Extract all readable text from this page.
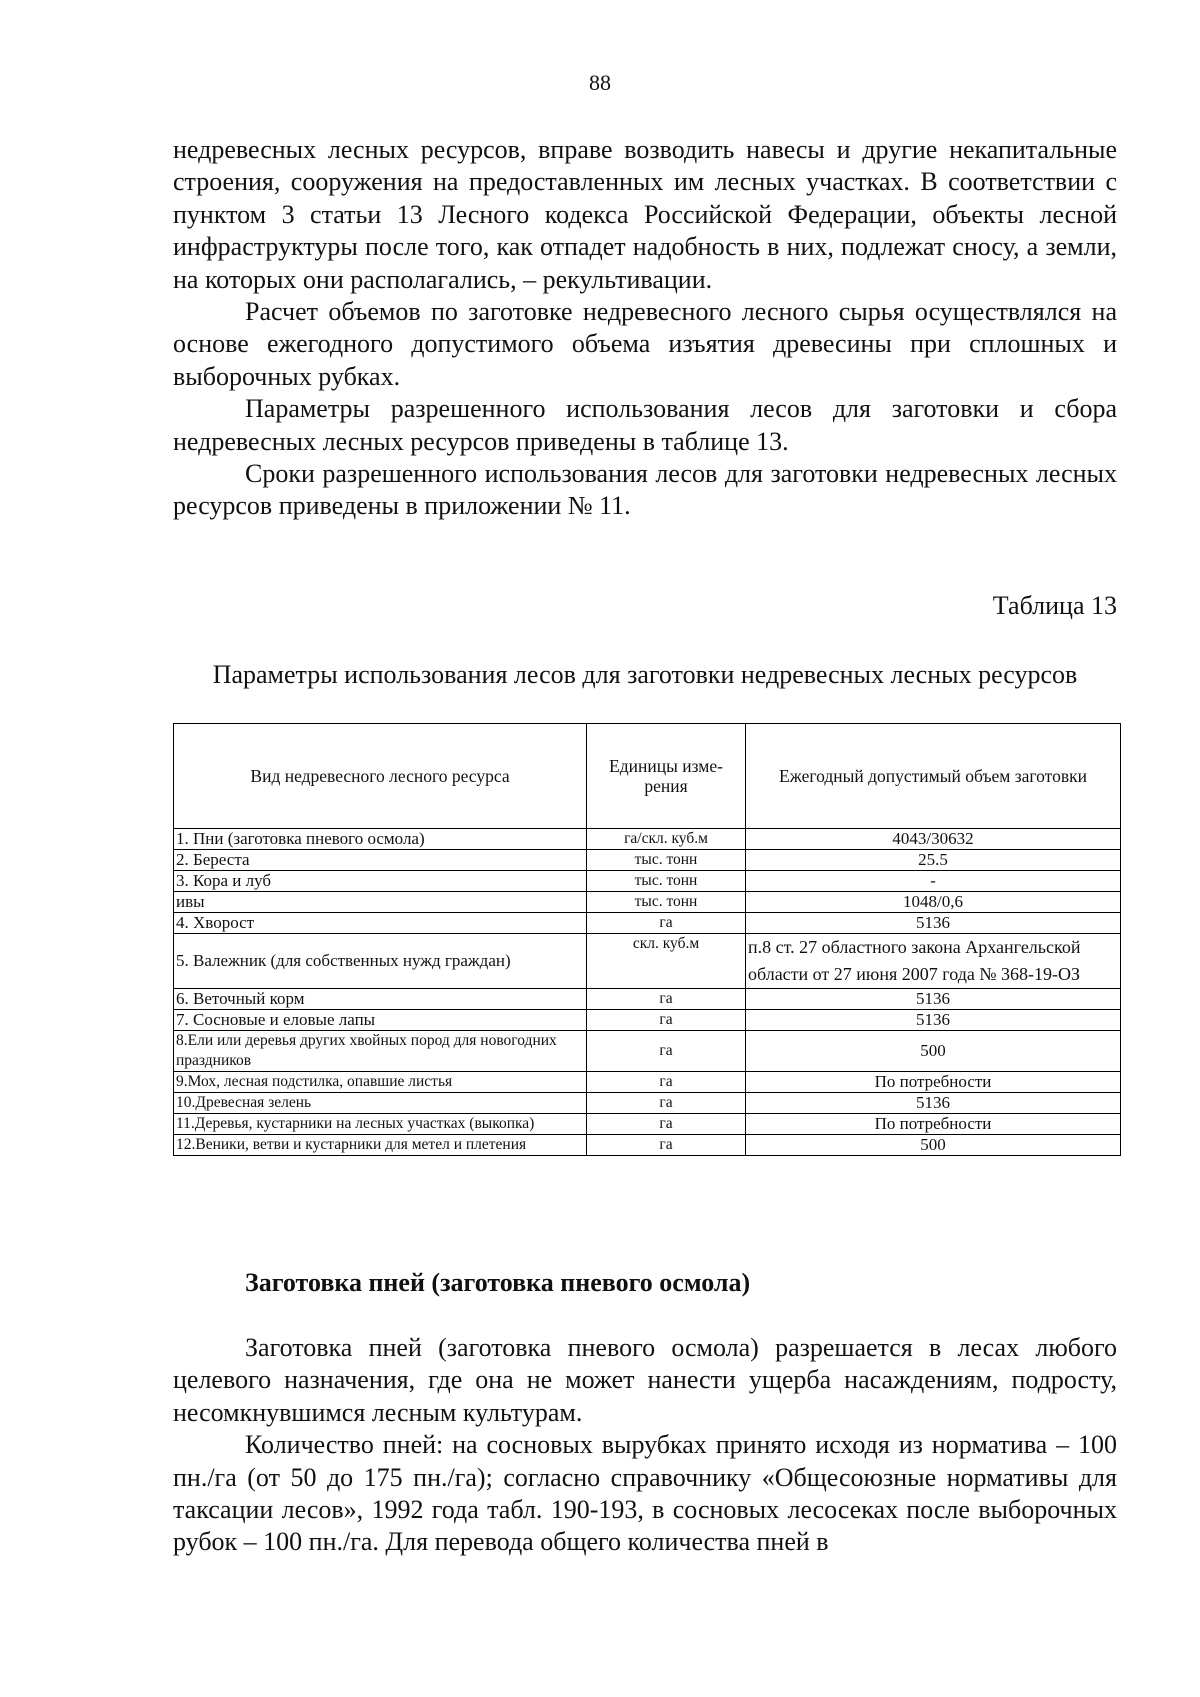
88

недревесных лесных ресурсов, вправе возводить навесы и другие некапитальные строения, сооружения на предоставленных им лесных участках. В соответствии с пунктом 3 статьи 13 Лесного кодекса Российской Федерации, объекты лесной инфраструктуры после того, как отпадет надобность в них, подлежат сносу, а земли, на которых они располагались, – рекультивации.

Расчет объемов по заготовке недревесного лесного сырья осуществлялся на основе ежегодного допустимого объема изъятия древесины при сплошных и выборочных рубках.

Параметры разрешенного использования лесов для заготовки и сбора недревесных лесных ресурсов приведены в таблице 13.

Сроки разрешенного использования лесов для заготовки недревесных лесных ресурсов приведены в приложении № 11.

Таблица 13
Параметры использования лесов для заготовки недревесных лесных ресурсов
Вид недревесного лесного ресурса	Единицы изме- рения	Ежегодный допустимый объем заготовки
1. Пни (заготовка пневого осмола)	га/скл. куб.м	4043/30632
2. Береста	тыс. тонн	25.5
3. Кора и луб	тыс. тонн	-
ивы	тыс. тонн	1048/0,6
4. Хворост	га	5136
5. Валежник (для собственных нужд граждан)	скл. куб.м	п.8 ст. 27 областного закона Архангельской области от 27 июня 2007 года № 368-19-ОЗ
6. Веточный корм	га	5136
7. Сосновые и еловые лапы	га	5136
8.Ели или деревья других хвойных пород для новогодних праздников	га	500
9.Мох, лесная подстилка, опавшие листья	га	По потребности
10.Древесная зелень	га	5136
11.Деревья, кустарники на лесных участках (выкопка)	га	По потребности
12.Веники, ветви и кустарники для метел и плетения	га	500
Заготовка пней (заготовка пневого осмола)

Заготовка пней (заготовка пневого осмола) разрешается в лесах любого целевого назначения, где она не может нанести ущерба насаждениям, подросту, несомкнувшимся лесным культурам.

Количество пней: на сосновых вырубках принято исходя из норматива – 100 пн./га (от 50 до 175 пн./га); согласно справочнику «Общесоюзные нормативы для таксации лесов», 1992 года табл. 190-193, в сосновых лесосеках после выборочных рубок – 100 пн./га. Для перевода общего количества пней в
